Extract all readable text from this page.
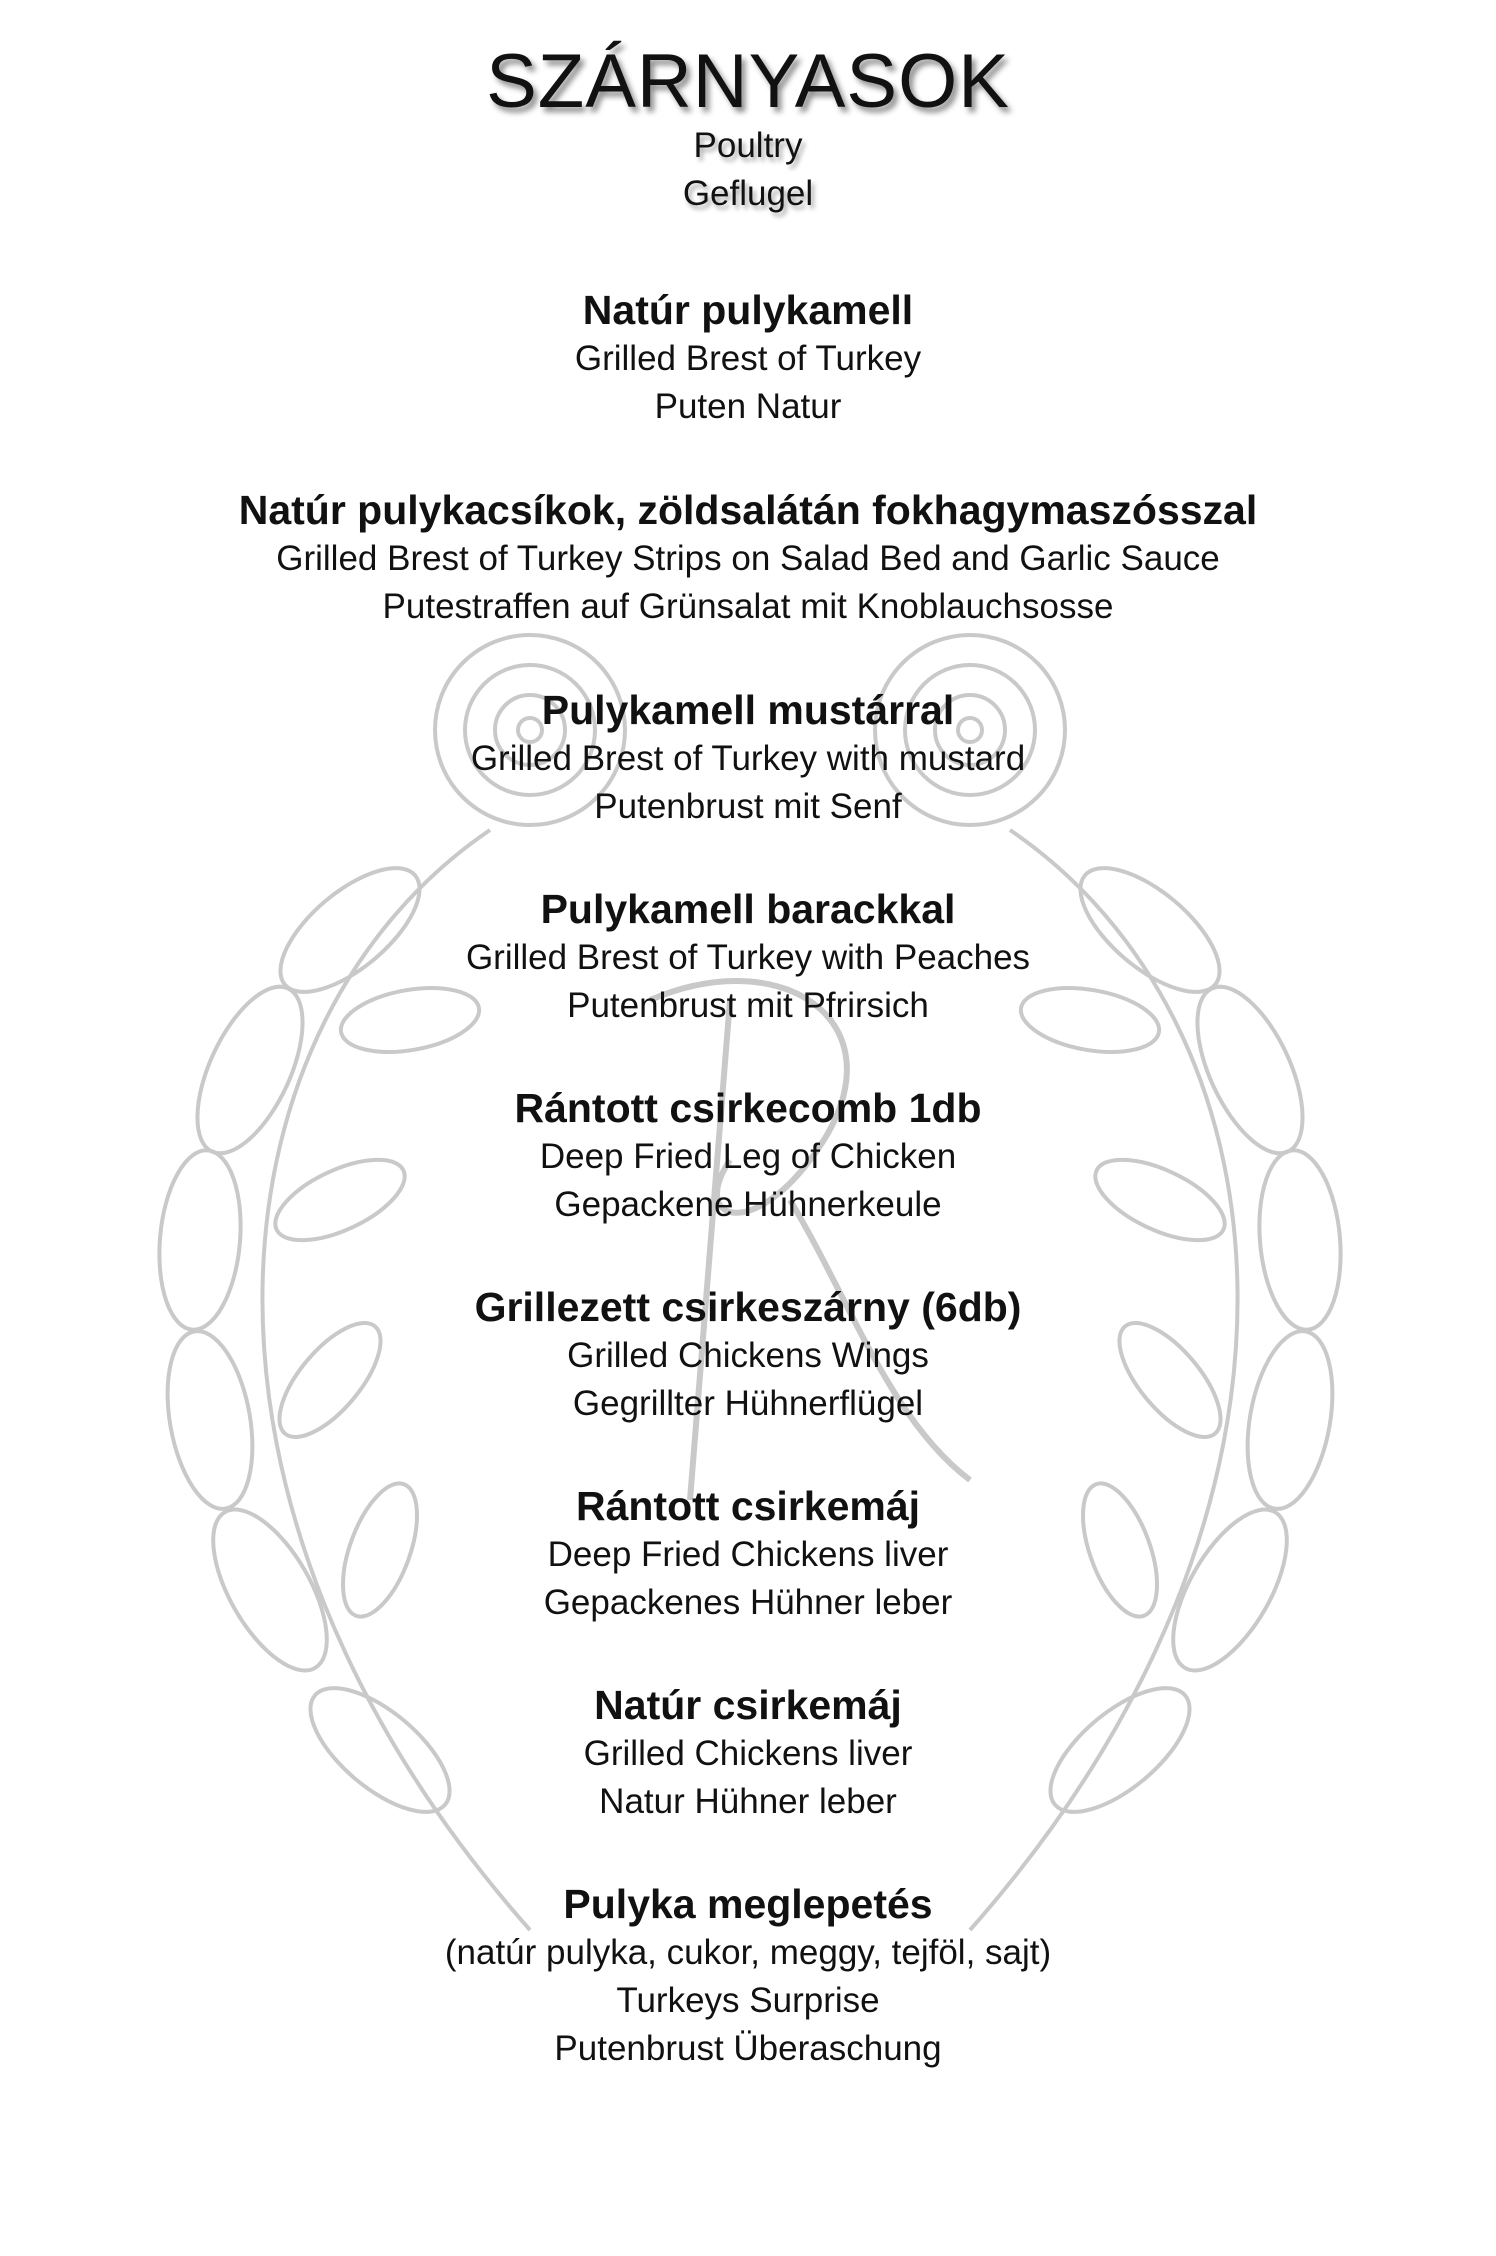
SZÁRNYASOK
Poultry
Geflugel
Natúr pulykamell
Grilled Brest of Turkey
Puten Natur
Natúr pulykacsíkok, zöldsalátán fokhagymaszósszal
Grilled Brest of Turkey Strips on Salad Bed and Garlic Sauce
Putestraffen auf Grünsalat mit Knoblauchsosse
Pulykamell mustárral
Grilled Brest of Turkey with mustard
Putenbrust mit Senf
Pulykamell barackkal
Grilled Brest of Turkey with Peaches
Putenbrust mit Pfrirsich
Rántott csirkecomb 1db
Deep Fried Leg of Chicken
Gepackene Hühnerkeule
Grillezett csirkeszárny (6db)
Grilled Chickens Wings
Gegrillter Hühnerflügel
Rántott csirkemáj
Deep Fried Chickens liver
Gepackenes Hühner leber
Natúr csirkemáj
Grilled Chickens liver
Natur Hühner leber
Pulyka meglepetés
(natúr pulyka, cukor, meggy, tejföl, sajt)
Turkeys Surprise
Putenbrust Überaschung
